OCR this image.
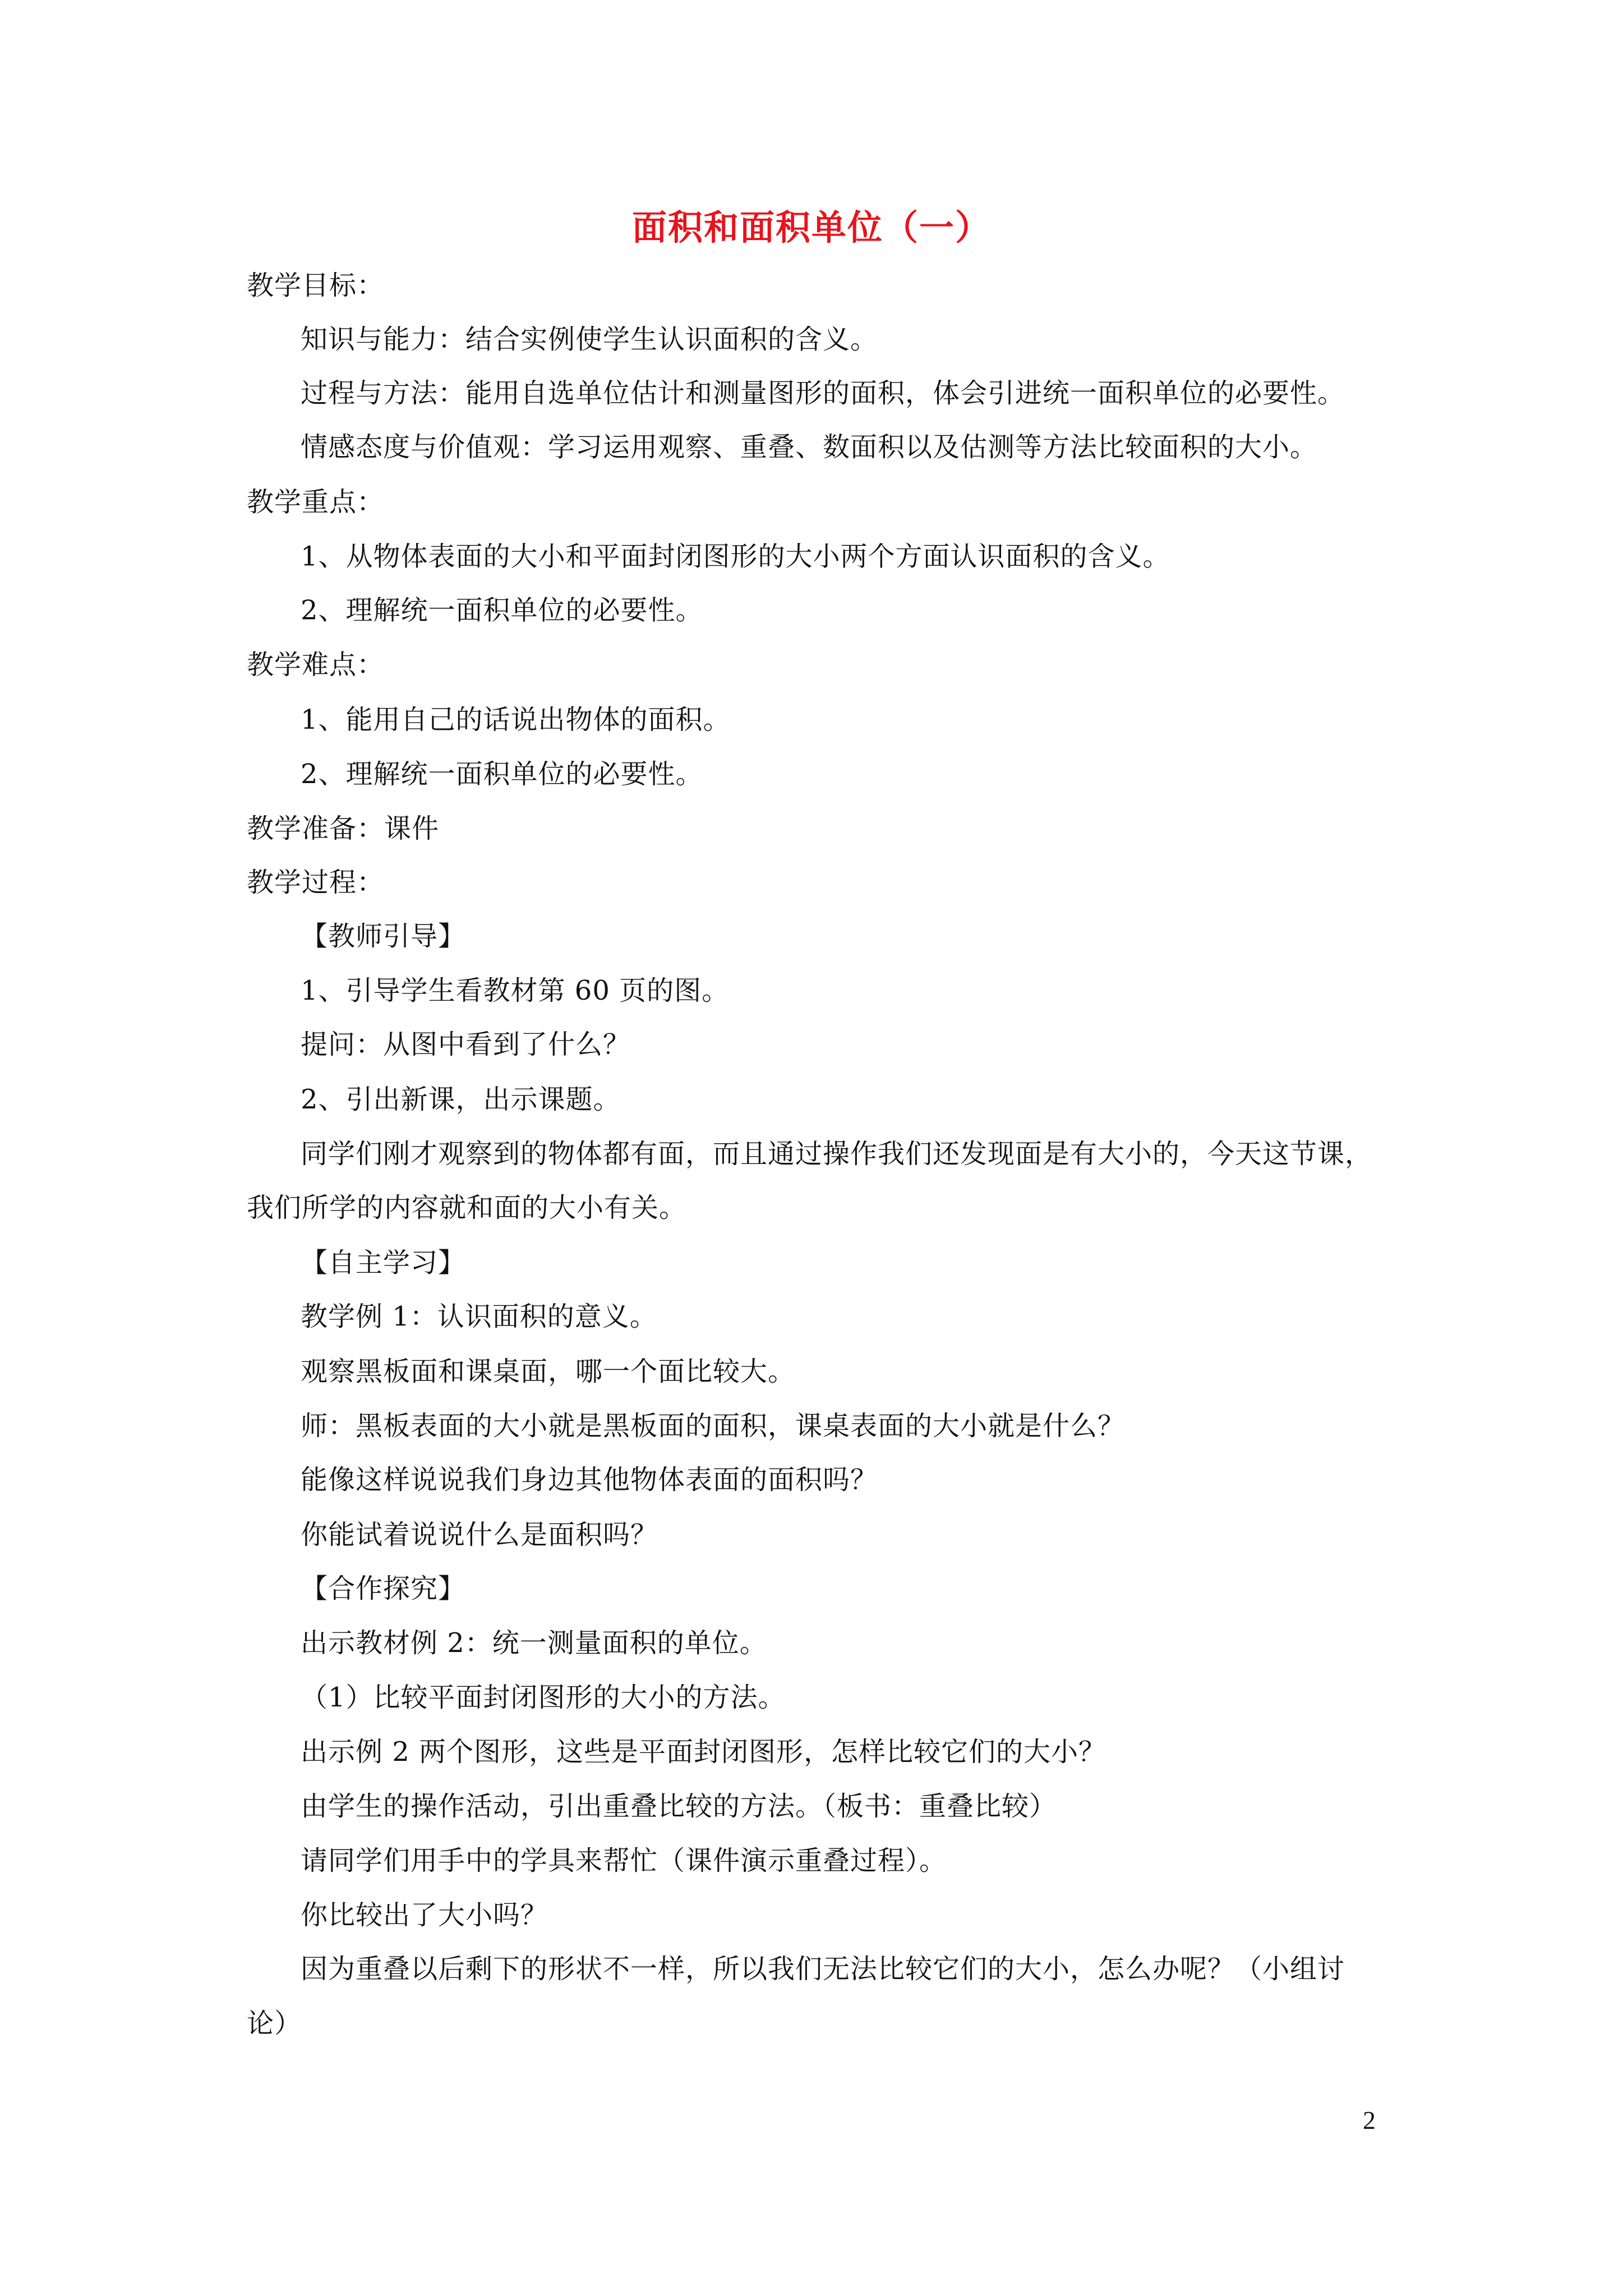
面积和面积单位（一）
教学目标：
知识与能力：结合实例使学生认识面积的含义。
过程与方法：能用自选单位估计和测量图形的面积，体会引进统一面积单位的必要性。
情感态度与价值观：学习运用观察、重叠、数面积以及估测等方法比较面积的大小。
教学重点：
1、从物体表面的大小和平面封闭图形的大小两个方面认识面积的含义。
2、理解统一面积单位的必要性。
教学难点：
1、能用自己的话说出物体的面积。
2、理解统一面积单位的必要性。
教学准备：课件
教学过程：
【教师引导】
1、引导学生看教材第 60 页的图。
提问：从图中看到了什么？
2、引出新课，出示课题。
同学们刚才观察到的物体都有面，而且通过操作我们还发现面是有大小的，今天这节课，
我们所学的内容就和面的大小有关。
【自主学习】
教学例 1：认识面积的意义。
观察黑板面和课桌面，哪一个面比较大。
师：黑板表面的大小就是黑板面的面积，课桌表面的大小就是什么？
能像这样说说我们身边其他物体表面的面积吗？
你能试着说说什么是面积吗？
【合作探究】
出示教材例 2：统一测量面积的单位。
（1）比较平面封闭图形的大小的方法。
出示例 2 两个图形，这些是平面封闭图形，怎样比较它们的大小？
由学生的操作活动，引出重叠比较的方法。（板书：重叠比较）
请同学们用手中的学具来帮忙（课件演示重叠过程）。
你比较出了大小吗？
因为重叠以后剩下的形状不一样，所以我们无法比较它们的大小，怎么办呢？（小组讨
论）
2
